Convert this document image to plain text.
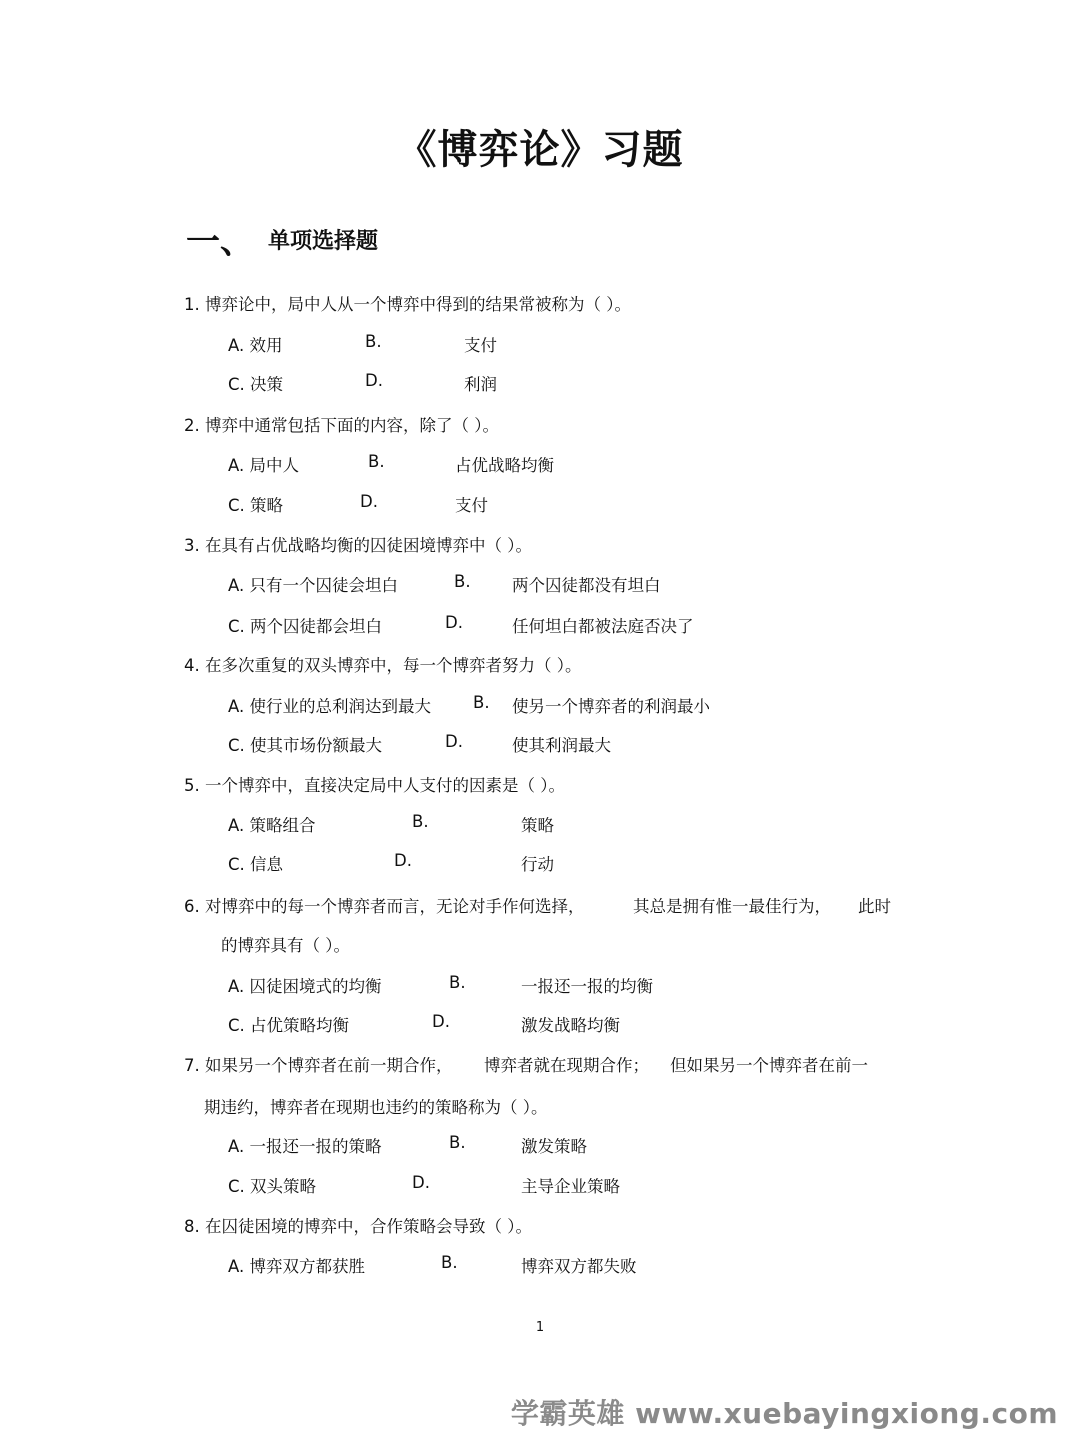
《博弈论》习题
一、 单项选择题
1. 博弈论中，局中人从一个博弈中得到的结果常被称为（ ）。
A. 效用	B.	支付
C. 决策	D.	利润
2. 博弈中通常包括下面的内容，除了（ ）。
A. 局中人	B.	占优战略均衡
C. 策略	D.	支付
3. 在具有占优战略均衡的囚徒困境博弈中（ ）。
A. 只有一个囚徒会坦白	B.	两个囚徒都没有坦白
C. 两个囚徒都会坦白	D.	任何坦白都被法庭否决了
4. 在多次重复的双头博弈中，每一个博弈者努力（ ）。
A. 使行业的总利润达到最大	B. 使另一个博弈者的利润最小
C. 使其市场份额最大	D.	使其利润最大
5. 一个博弈中，直接决定局中人支付的因素是（ ）。
A. 策略组合	B.	策略
C. 信息	D.	行动
6. 对博弈中的每一个博弈者而言，无论对手作何选择，	其总是拥有惟一最佳行为， 此时
的博弈具有（ ）。
A. 囚徒困境式的均衡	B.	一报还一报的均衡
C. 占优策略均衡	D.	激发战略均衡
7. 如果另一个博弈者在前一期合作， 博弈者就在现期合作； 但如果另一个博弈者在前一
期违约，博弈者在现期也违约的策略称为（ ）。
A. 一报还一报的策略	B.	激发策略
C. 双头策略	D.	主导企业策略
8. 在囚徒困境的博弈中，合作策略会导致（ ）。
A. 博弈双方都获胜	B.	博弈双方都失败
1
学霸英雄 www.xuebayingxiong.com
